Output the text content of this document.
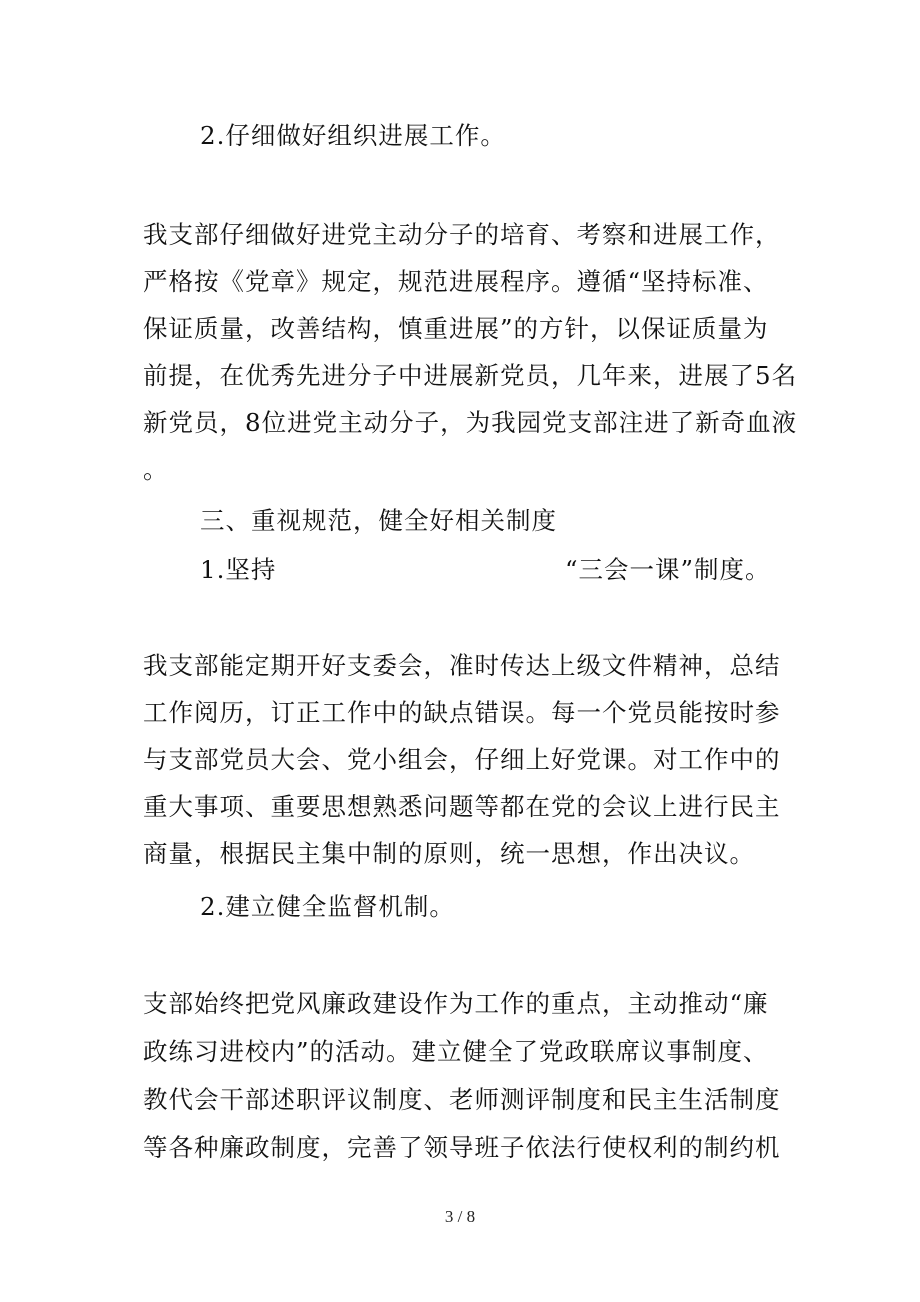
2.仔细做好组织进展工作。
我支部仔细做好进党主动分子的培育、考察和进展工作，
严格按《党章》规定，规范进展程序。遵循“坚持标准、
保证质量，改善结构，慎重进展”的方针，以保证质量为
前提，在优秀先进分子中进展新党员，几年来，进展了5名
新党员，8位进党主动分子，为我园党支部注进了新奇血液
。
三、重视规范，健全好相关制度
1.坚持	“三会一课”制度。
我支部能定期开好支委会，准时传达上级文件精神，总结
工作阅历，订正工作中的缺点错误。每一个党员能按时参
与支部党员大会、党小组会，仔细上好党课。对工作中的
重大事项、重要思想熟悉问题等都在党的会议上进行民主
商量，根据民主集中制的原则，统一思想，作出决议。
2.建立健全监督机制。
支部始终把党风廉政建设作为工作的重点，主动推动“廉
政练习进校内”的活动。建立健全了党政联席议事制度、
教代会干部述职评议制度、老师测评制度和民主生活制度
等各种廉政制度，完善了领导班子依法行使权利的制约机
3 / 8
